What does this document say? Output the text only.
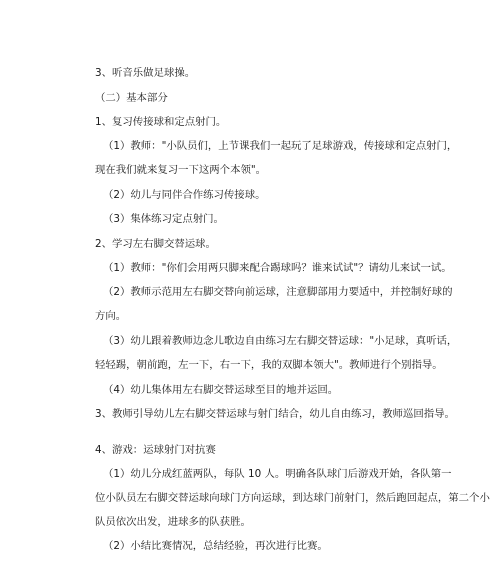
3、听音乐做足球操。
（二）基本部分
1、复习传接球和定点射门。
（1）教师："小队员们，上节课我们一起玩了足球游戏，传接球和定点射门，
现在我们就来复习一下这两个本领"。
（2）幼儿与同伴合作练习传接球。
（3）集体练习定点射门。
2、学习左右脚交替运球。
（1）教师："你们会用两只脚来配合踢球吗？谁来试试"？请幼儿来试一试。
（2）教师示范用左右脚交替向前运球，注意脚部用力要适中，并控制好球的
方向。
（3）幼儿跟着教师边念儿歌边自由练习左右脚交替运球："小足球，真听话，
轻轻踢，朝前跑，左一下，右一下，我的双脚本领大"。教师进行个别指导。
（4）幼儿集体用左右脚交替运球至目的地并运回。
3、教师引导幼儿左右脚交替运球与射门结合，幼儿自由练习，教师巡回指导。
4、游戏：运球射门对抗赛
（1）幼儿分成红蓝两队，每队 10 人。明确各队球门后游戏开始，各队第一
位小队员左右脚交替运球向球门方向运球，到达球门前射门，然后跑回起点，第二个小
队员依次出发，进球多的队获胜。
（2）小结比赛情况，总结经验，再次进行比赛。
